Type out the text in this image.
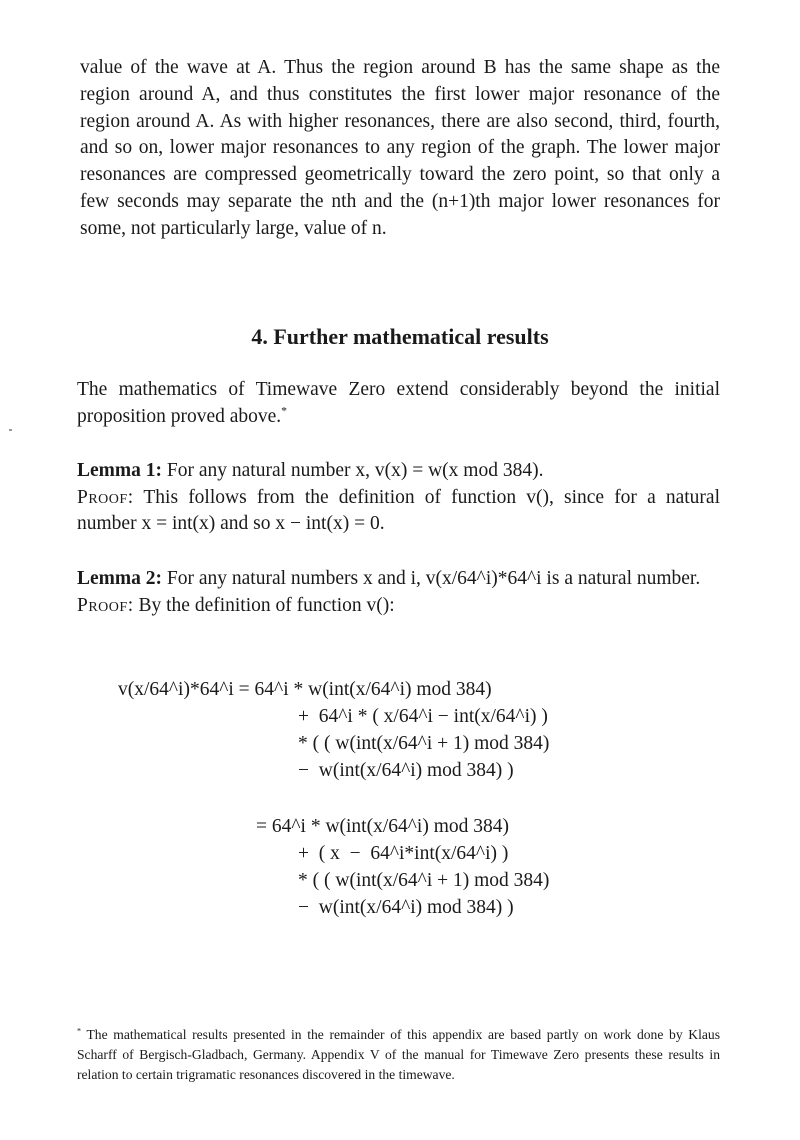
value of the wave at A. Thus the region around B has the same shape as the region around A, and thus constitutes the first lower major resonance of the region around A. As with higher resonances, there are also second, third, fourth, and so on, lower major resonances to any region of the graph. The lower major resonances are compressed geometrically toward the zero point, so that only a few seconds may separate the nth and the (n+1)th major lower resonances for some, not particularly large, value of n.

4. Further mathematical results

The mathematics of Timewave Zero extend considerably beyond the initial proposition proved above.*

Lemma 1: For any natural number x, v(x) = w(x mod 384).
Proof: This follows from the definition of function v(), since for a natural number x = int(x) and so x − int(x) = 0.

Lemma 2: For any natural numbers x and i, v(x/64^i)*64^i is a natural number.
Proof: By the definition of function v():

v(x/64^i)*64^i = 64^i * w(int(x/64^i) mod 384)
+  64^i * ( x/64^i − int(x/64^i) )
* ( ( w(int(x/64^i + 1) mod 384)
−  w(int(x/64^i) mod 384) )
= 64^i * w(int(x/64^i) mod 384)
+  ( x  −  64^i*int(x/64^i) )
* ( ( w(int(x/64^i + 1) mod 384)
−  w(int(x/64^i) mod 384) )

* The mathematical results presented in the remainder of this appendix are based partly on work done by Klaus Scharff of Bergisch-Gladbach, Germany. Appendix V of the manual for Timewave Zero presents these results in relation to certain trigramatic resonances discovered in the timewave.
